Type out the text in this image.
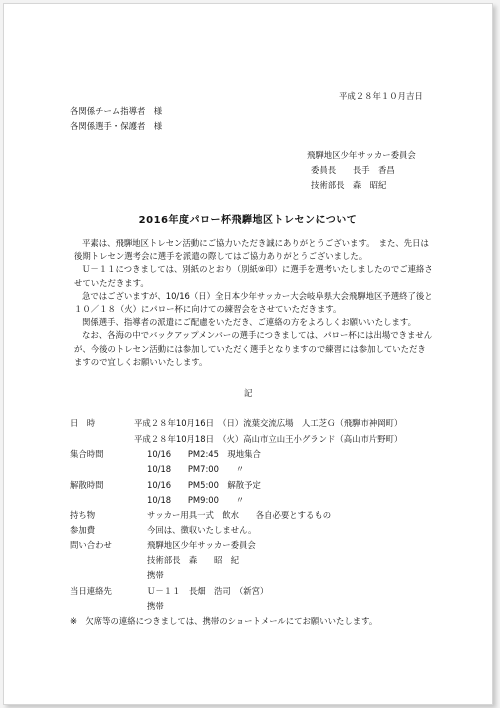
平成２８年１０月吉日
各関係チーム指導者　様
各関係選手・保護者　様
飛騨地区少年サッカー委員会
委員長　　長手　香昌
技術部長　森　昭紀
2016年度パロー杯飛騨地区トレセンについて

平素は、飛騨地区トレセン活動にご協力いただき誠にありがとうございます。　また、先日は後期トレセン選考会に選手を派遣の際してはご協力ありがとうございました。

Ｕ－１１につきましては、別紙のとおり（別紙⑨印）に選手を選考いたしましたのでご連絡させていただきます。

急ではございますが、10/16（日）全日本少年サッカー大会岐阜県大会飛騨地区予選終了後と１０／１８（火）にパロー杯に向けての練習会をさせていただきます。

関係選手、指導者の派遣にご配慮をいただき、ご連絡の方をよろしくお願いいたします。

なお、各海の中でバックアップメンバーの選手につきましては、パロー杯には出場できませんが、今後のトレセン活動には参加していただく選手となりますので練習には参加していただきますので宜しくお願いいたします。

記
日　時	平成２８年10月16日　（日）流葉交流広場　人工芝Ｇ（飛騨市神岡町）
平成２８年10月18日　（火）高山市立山王小グランド（高山市片野町）
集合時間	10/16　　PM2:45　現地集合
10/18　　PM7:00　　〃
解散時間	10/16　　PM5:00　解散予定
10/18　　PM9:00　　〃
持ち物	サッカー用具一式　飲水　　各自必要とするもの
参加費	今回は、徴収いたしません。
問い合わせ	飛騨地区少年サッカー委員会
技術部長　森　　昭　紀
携帯
当日連絡先	Ｕ－１１　長畑　浩司　（新宮）
携帯
※　欠席等の連絡につきましては、携帯のショートメールにてお願いいたします。
